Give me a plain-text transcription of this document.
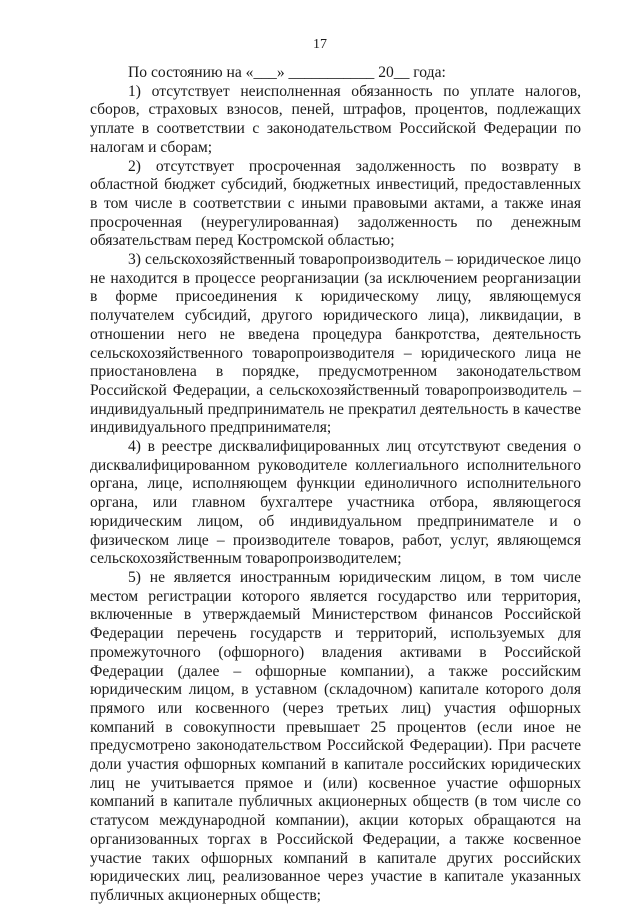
17

По состоянию на «___» ___________ 20__ года:

1) отсутствует неисполненная обязанность по уплате налогов, сборов, страховых взносов, пеней, штрафов, процентов, подлежащих уплате в соответствии с законодательством Российской Федерации по налогам и сборам;

2) отсутствует просроченная задолженность по возврату в областной бюджет субсидий, бюджетных инвестиций, предоставленных в том числе в соответствии с иными правовыми актами, а также иная просроченная (неурегулированная) задолженность по денежным обязательствам перед Костромской областью;

3) сельскохозяйственный товаропроизводитель – юридическое лицо не находится в процессе реорганизации (за исключением реорганизации в форме присоединения к юридическому лицу, являющемуся получателем субсидий, другого юридического лица), ликвидации, в отношении него не введена процедура банкротства, деятельность сельскохозяйственного товаропроизводителя – юридического лица не приостановлена в порядке, предусмотренном законодательством Российской Федерации, а сельскохозяйственный товаропроизводитель – индивидуальный предприниматель не прекратил деятельность в качестве индивидуального предпринимателя;

4) в реестре дисквалифицированных лиц отсутствуют сведения о дисквалифицированном руководителе коллегиального исполнительного органа, лице, исполняющем функции единоличного исполнительного органа, или главном бухгалтере участника отбора, являющегося юридическим лицом, об индивидуальном предпринимателе и о физическом лице – производителе товаров, работ, услуг, являющемся сельскохозяйственным товаропроизводителем;

5) не является иностранным юридическим лицом, в том числе местом регистрации которого является государство или территория, включенные в утверждаемый Министерством финансов Российской Федерации перечень государств и территорий, используемых для промежуточного (офшорного) владения активами в Российской Федерации (далее – офшорные компании), а также российским юридическим лицом, в уставном (складочном) капитале которого доля прямого или косвенного (через третьих лиц) участия офшорных компаний в совокупности превышает 25 процентов (если иное не предусмотрено законодательством Российской Федерации). При расчете доли участия офшорных компаний в капитале российских юридических лиц не учитывается прямое и (или) косвенное участие офшорных компаний в капитале публичных акционерных обществ (в том числе со статусом международной компании), акции которых обращаются на организованных торгах в Российской Федерации, а также косвенное участие таких офшорных компаний в капитале других российских юридических лиц, реализованное через участие в капитале указанных публичных акционерных обществ;
